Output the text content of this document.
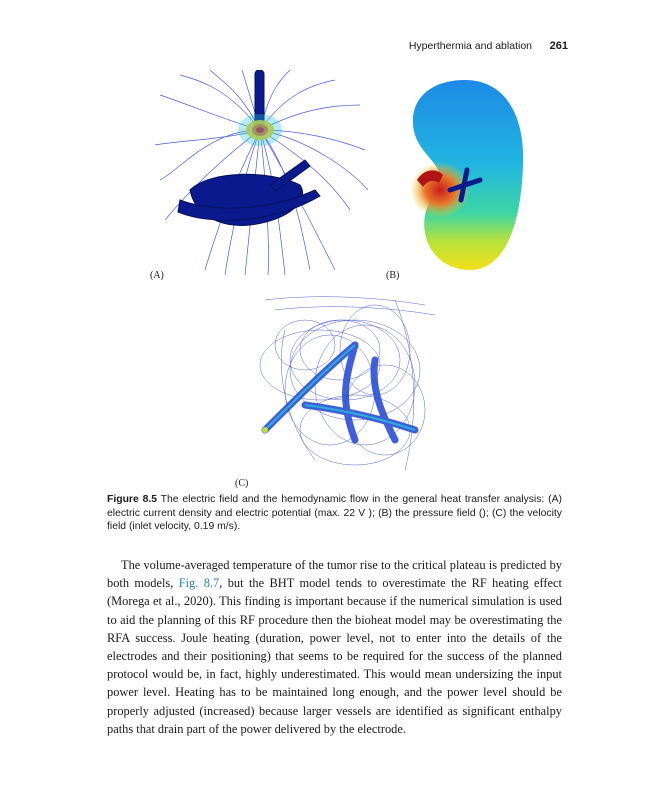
Hyperthermia and ablation 261
(A)	(B)
(C)
Figure 8.5 The electric field and the hemodynamic flow in the general heat transfer analysis: (A) electric current density and electric potential (max. 22 V ); (B) the pressure field (); (C) the velocity field (inlet velocity, 0.19 m/s).

The volume-averaged temperature of the tumor rise to the critical plateau is predicted by both models, Fig. 8.7, but the BHT model tends to overestimate the RF heating effect (Morega et al., 2020). This finding is important because if the numerical simulation is used to aid the planning of this RF procedure then the bioheat model may be overestimating the RFA success. Joule heating (duration, power level, not to enter into the details of the electrodes and their positioning) that seems to be required for the success of the planned protocol would be, in fact, highly underestimated. This would mean undersizing the input power level. Heating has to be maintained long enough, and the power level should be properly adjusted (increased) because larger vessels are identified as significant enthalpy paths that drain part of the power delivered by the electrode.
